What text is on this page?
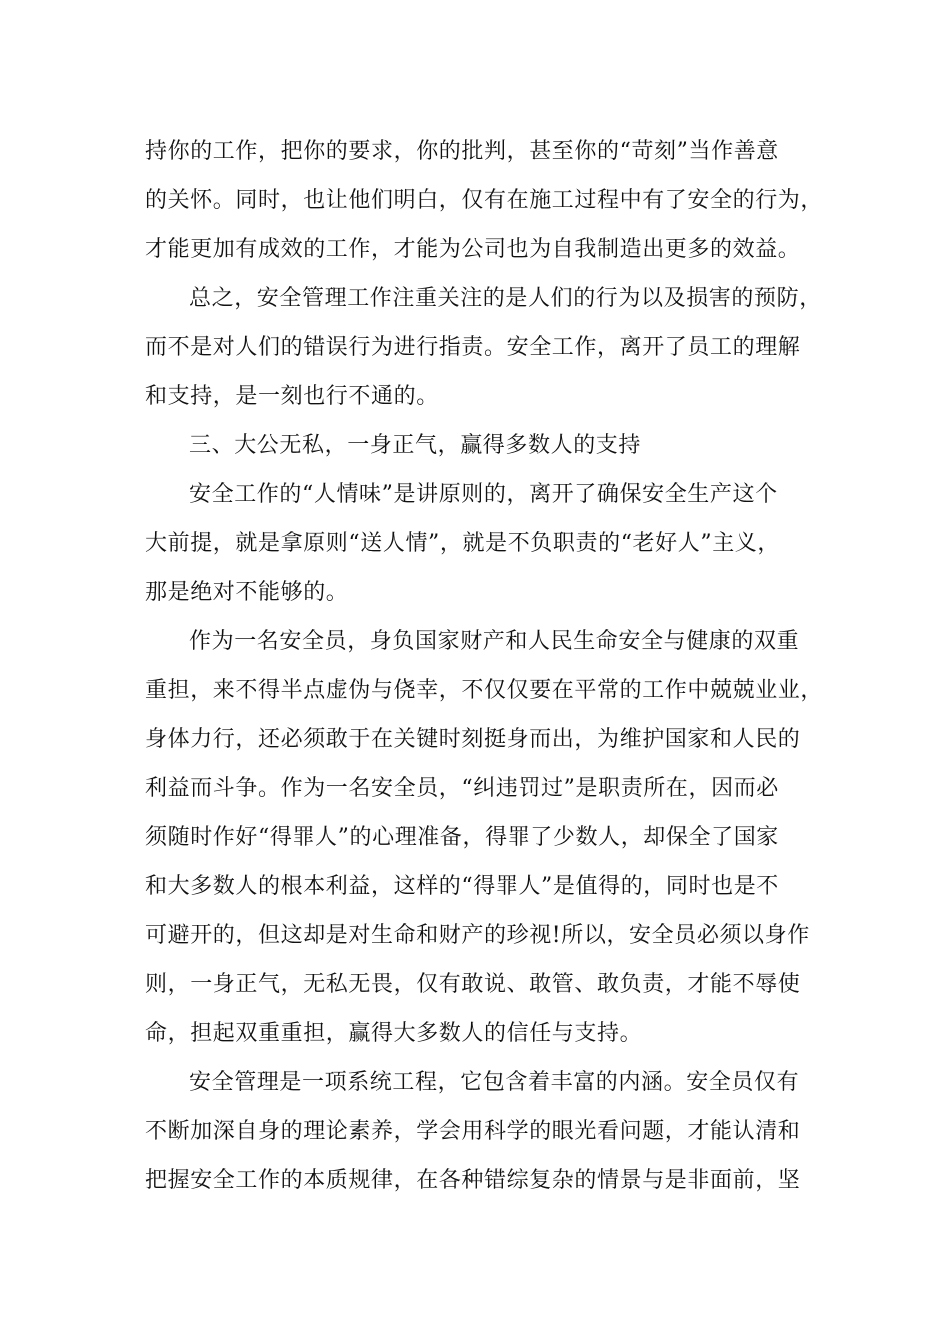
持你的工作，把你的要求，你的批判，甚至你的“苛刻”当作善意
的关怀。同时，也让他们明白，仅有在施工过程中有了安全的行为，
才能更加有成效的工作，才能为公司也为自我制造出更多的效益。
总之，安全管理工作注重关注的是人们的行为以及损害的预防，
而不是对人们的错误行为进行指责。安全工作，离开了员工的理解
和支持，是一刻也行不通的。
三、大公无私，一身正气，赢得多数人的支持
安全工作的“人情味”是讲原则的，离开了确保安全生产这个
大前提，就是拿原则“送人情”，就是不负职责的“老好人”主义，
那是绝对不能够的。
作为一名安全员，身负国家财产和人民生命安全与健康的双重
重担，来不得半点虚伪与侥幸，不仅仅要在平常的工作中兢兢业业，
身体力行，还必须敢于在关键时刻挺身而出，为维护国家和人民的
利益而斗争。作为一名安全员，“纠违罚过”是职责所在，因而必
须随时作好“得罪人”的心理准备，得罪了少数人，却保全了国家
和大多数人的根本利益，这样的“得罪人”是值得的，同时也是不
可避开的，但这却是对生命和财产的珍视!所以，安全员必须以身作
则，一身正气，无私无畏，仅有敢说、敢管、敢负责，才能不辱使
命，担起双重重担，赢得大多数人的信任与支持。
安全管理是一项系统工程，它包含着丰富的内涵。安全员仅有
不断加深自身的理论素养，学会用科学的眼光看问题，才能认清和
把握安全工作的本质规律，在各种错综复杂的情景与是非面前，坚
